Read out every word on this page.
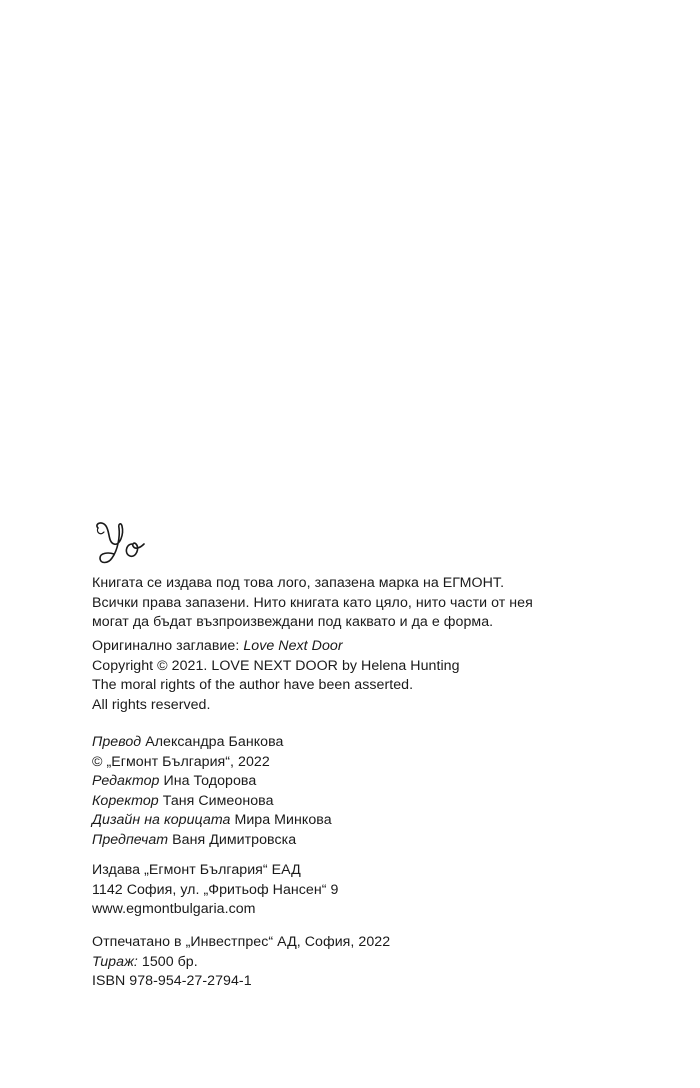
Книгата се издава под това лого, запазена марка на ЕГМОНТ.
Всички права запазени. Нито книгата като цяло, нито части от нея
могат да бъдат възпроизвеждани под каквато и да е форма.
Оригинално заглавие: Love Next Door
Copyright © 2021. LOVE NEXT DOOR by Helena Hunting
The moral rights of the author have been asserted.
All rights reserved.
Превод Александра Банкова
© „Егмонт България“, 2022
Редактор Ина Тодорова
Коректор Таня Симеонова
Дизайн на корицата Мира Минкова
Предпечат Ваня Димитровска
Издава „Егмонт България“ ЕАД
1142 София, ул. „Фритьоф Нансен“ 9
www.egmontbulgaria.com
Отпечатано в „Инвестпрес“ АД, София, 2022
Тираж: 1500 бр.
ISBN 978-954-27-2794-1
